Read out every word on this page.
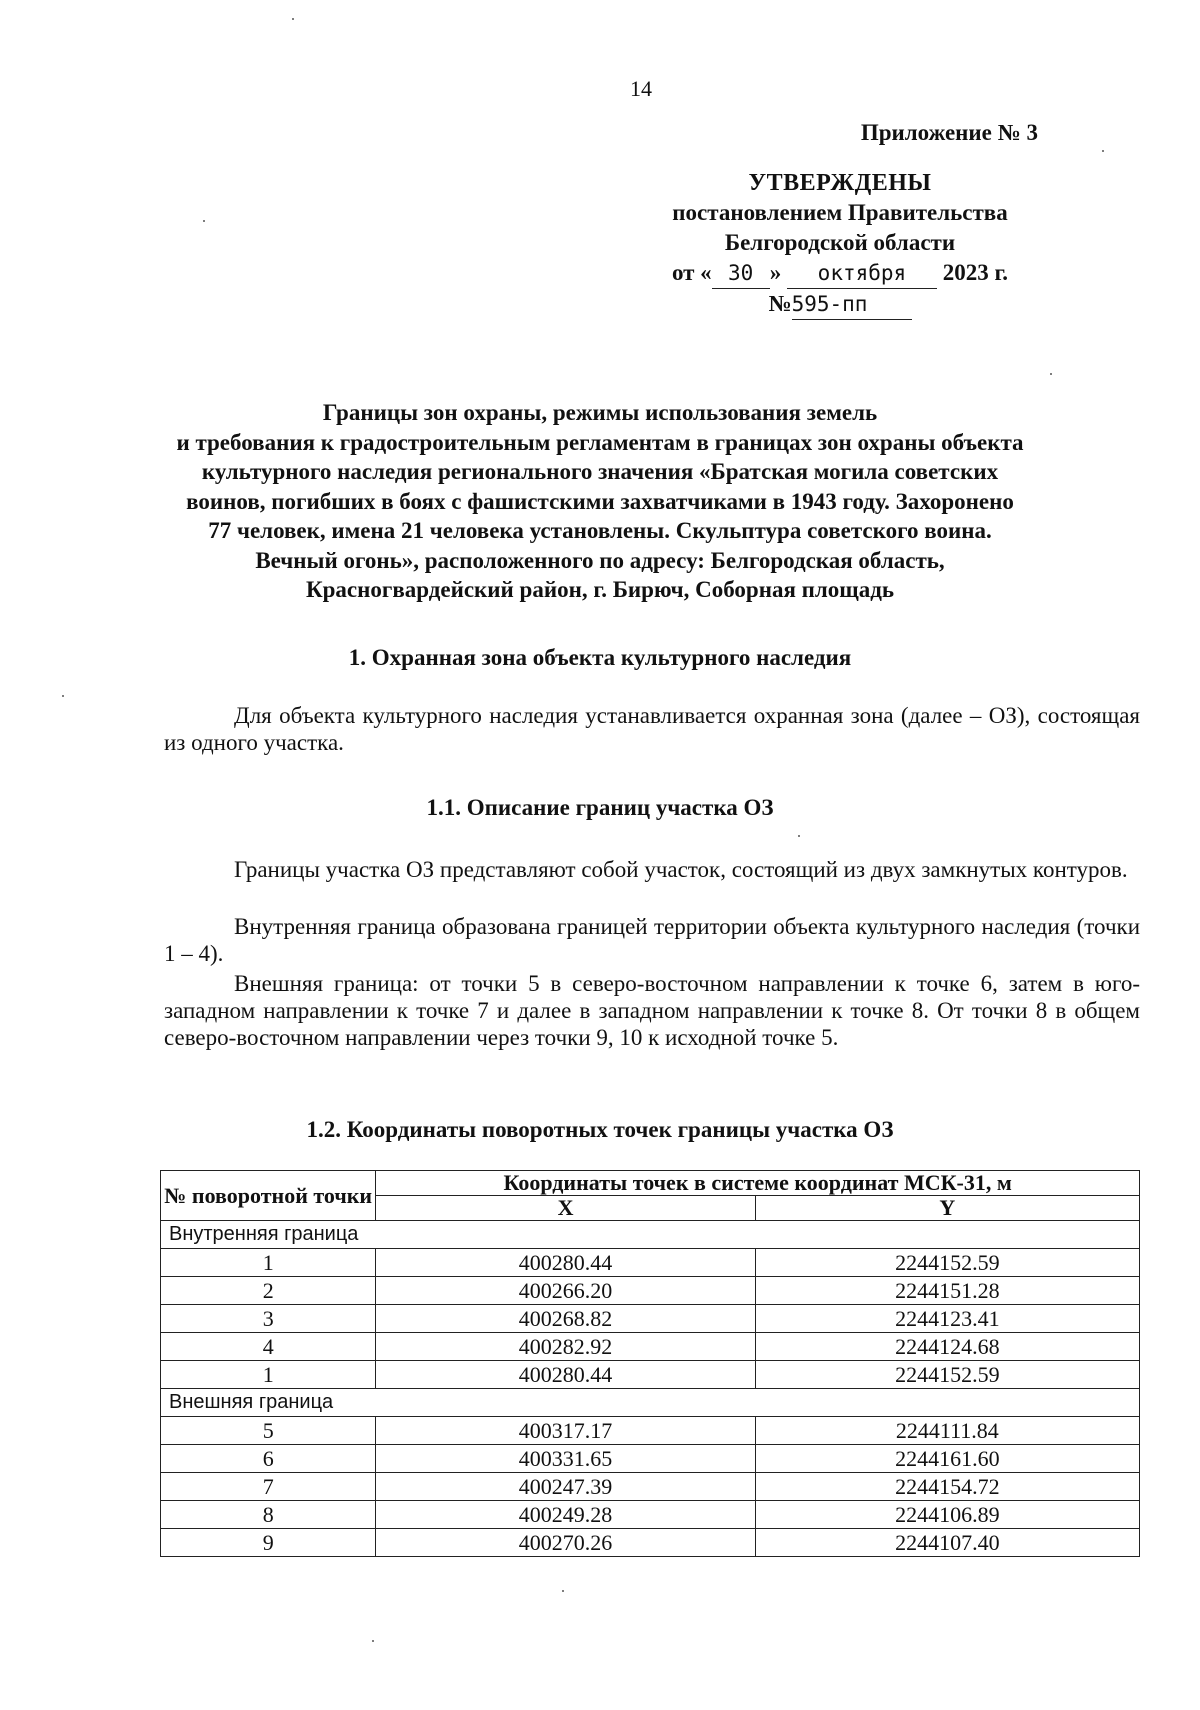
14
Приложение № 3
УТВЕРЖДЕНЫ
постановлением Правительства
Белгородской области
от « 30 » октября 2023 г.
№595-пп
Границы зон охраны, режимы использования земель
и требования к градостроительным регламентам в границах зон охраны объекта
культурного наследия регионального значения «Братская могила советских
воинов, погибших в боях с фашистскими захватчиками в 1943 году. Захоронено
77 человек, имена 21 человека установлены. Скульптура советского воина.
Вечный огонь», расположенного по адресу: Белгородская область,
Красногвардейский район, г. Бирюч, Соборная площадь
1. Охранная зона объекта культурного наследия

Для объекта культурного наследия устанавливается охранная зона (далее – ОЗ), состоящая из одного участка.

1.1. Описание границ участка ОЗ

Границы участка ОЗ представляют собой участок, состоящий из двух замкнутых контуров.

Внутренняя граница образована границей территории объекта культурного наследия (точки 1 – 4).

Внешняя граница: от точки 5 в северо-восточном направлении к точке 6, затем в юго-западном направлении к точке 7 и далее в западном направлении к точке 8. От точки 8 в общем северо-восточном направлении через точки 9, 10 к исходной точке 5.

1.2. Координаты поворотных точек границы участка ОЗ
№ поворотной точки	Координаты точек в системе координат МСК-31, м	
	X	Y
Внутренняя граница		
1	400280.44	2244152.59
2	400266.20	2244151.28
3	400268.82	2244123.41
4	400282.92	2244124.68
1	400280.44	2244152.59
Внешняя граница		
5	400317.17	2244111.84
6	400331.65	2244161.60
7	400247.39	2244154.72
8	400249.28	2244106.89
9	400270.26	2244107.40
